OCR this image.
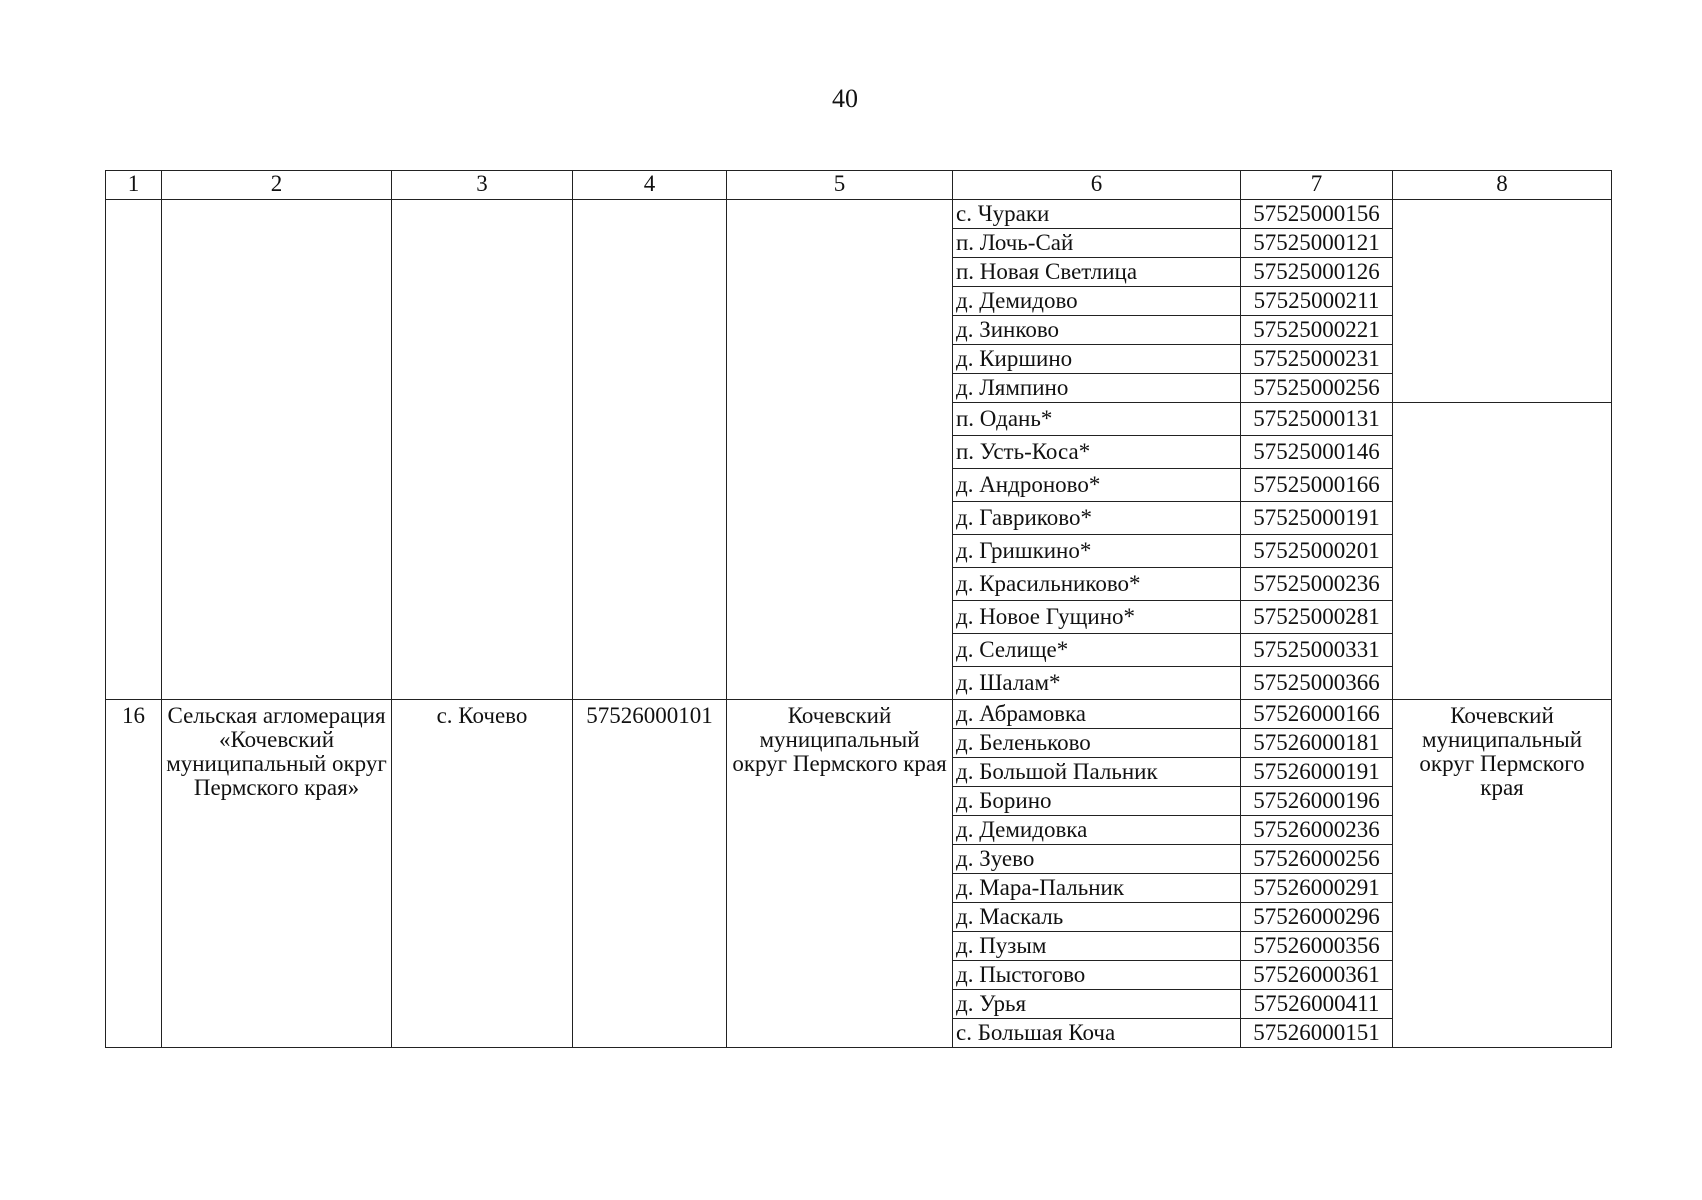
40
1	2	3	4	5	6	7	8
					с. Чураки	57525000156	
					п. Лочь-Сай	57525000121	
					п. Новая Светлица	57525000126	
					д. Демидово	57525000211	
					д. Зинково	57525000221	
					д. Киршино	57525000231	
					д. Лямпино	57525000256	
					п. Одань*	57525000131	
					п. Усть-Коса*	57525000146	
					д. Андроново*	57525000166	
					д. Гавриково*	57525000191	
					д. Гришкино*	57525000201	
					д. Красильниково*	57525000236	
					д. Новое Гущино*	57525000281	
					д. Селище*	57525000331	
					д. Шалам*	57525000366	
16	Сельская агломерация «Кочевский муниципальный округ Пермского края»	с. Кочево	57526000101	Кочевский муниципальный округ Пермского края	д. Абрамовка	57526000166	Кочевский муниципальный округ Пермского края
					д. Беленьково	57526000181	
					д. Большой Пальник	57526000191	
					д. Борино	57526000196	
					д. Демидовка	57526000236	
					д. Зуево	57526000256	
					д. Мара-Пальник	57526000291	
					д. Маскаль	57526000296	
					д. Пузым	57526000356	
					д. Пыстогово	57526000361	
					д. Урья	57526000411	
					с. Большая Коча	57526000151	
